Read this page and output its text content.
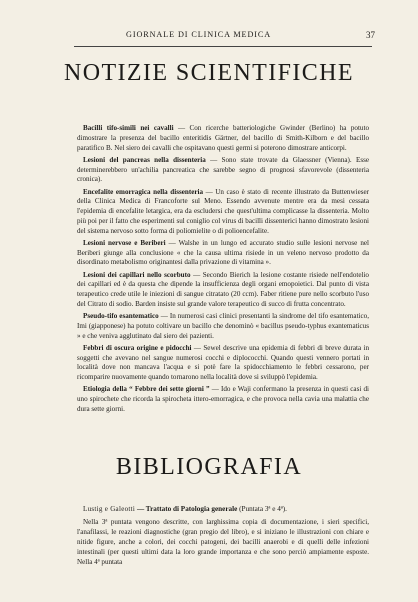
GIORNALE DI CLINICA MEDICA	37
NOTIZIE SCIENTIFICHE

Bacilli tifo-simili nei cavalli — Con ricerche batteriologiche Gwinder (Berlino) ha potuto dimostrare la presenza del bacillo enteritidis Gärtner, del bacillo di Smith-Kilborn e del bacillo paratifico B. Nel siero dei cavalli che ospitavano questi germi si poterono dimostrare anticorpi.

Lesioni del pancreas nella dissenteria — Sono state trovate da Glaessner (Vienna). Esse determinerebbero un'achilia pancreatica che sarebbe segno di prognosi sfavorevole (dissenteria cronica).

Encefalite emorragica nella dissenteria — Un caso è stato di recente illustrato da Buttenwieser della Clinica Medica di Francoforte sul Meno. Essendo avvenute mentre era da mesi cessata l'epidemia di encefalite letargica, era da escludersi che quest'ultima complicasse la dissenteria. Molto più poi per il fatto che esperimenti sul coniglio col virus di bacilli dissenterici hanno dimostrato lesioni del sistema nervoso sotto forma di poliomielite o di polioencefalite.

Lesioni nervose e Beriberi — Walshe in un lungo ed accurato studio sulle lesioni nervose nel Beriberi giunge alla conclusione « che la causa ultima risiede in un veleno nervoso prodotto da disordinato metabolismo originantesi dalla privazione di vitamina ».

Lesioni dei capillari nello scorbuto — Secondo Bierich la lesione costante risiede nell'endotelio dei capillari ed è da questa che dipende la insufficienza degli organi emopoietici. Dal punto di vista terapeutico crede utile le iniezioni di sangue citratato (20 ccm). Faber ritiene pure nello scorbuto l'uso del Citrato di sodio. Barden insiste sul grande valore terapeutico di succo di frutta concentrato.

Pseudo-tifo esantematico — In numerosi casi clinici presentanti la sindrome del tifo esantematico, Imi (giapponese) ha potuto coltivare un bacillo che denominò « bacillus pseudo-typhus exantematicus » e che veniva agglutinato dal siero dei pazienti.

Febbri di oscura origine e pidocchi — Sewel descrive una epidemia di febbri di breve durata in soggetti che avevano nel sangue numerosi cocchi e diplococchi. Quando questi vennero portati in località dove non mancava l'acqua e si potè fare la spidocchiamento le febbri cessarono, per ricomparire nuovamente quando tornarono nella località dove si sviluppò l'epidemia.

Etiologia della “ Febbre dei sette giorni ” — Ido e Waji confermano la presenza in questi casi di uno spirochete che ricorda la spirocheta ittero-emorragica, e che provoca nella cavia una malattia che dura sette giorni.

BIBLIOGRAFIA

Lustig e Galeotti — Trattato di Patologia generale (Puntata 3ª e 4ª).

Nella 3ª puntata vengono descritte, con larghissima copia di documentazione, i sieri specifici, l'anafilassi, le reazioni diagnostiche (gran pregio del libro), e si iniziano le illustrazioni con chiare e nitide figure, anche a colori, dei cocchi patogeni, dei bacilli anaerobi e di quelli delle infezioni intestinali (per questi ultimi data la loro grande importanza e che sono perciò ampiamente esposte. Nella 4ª puntata
